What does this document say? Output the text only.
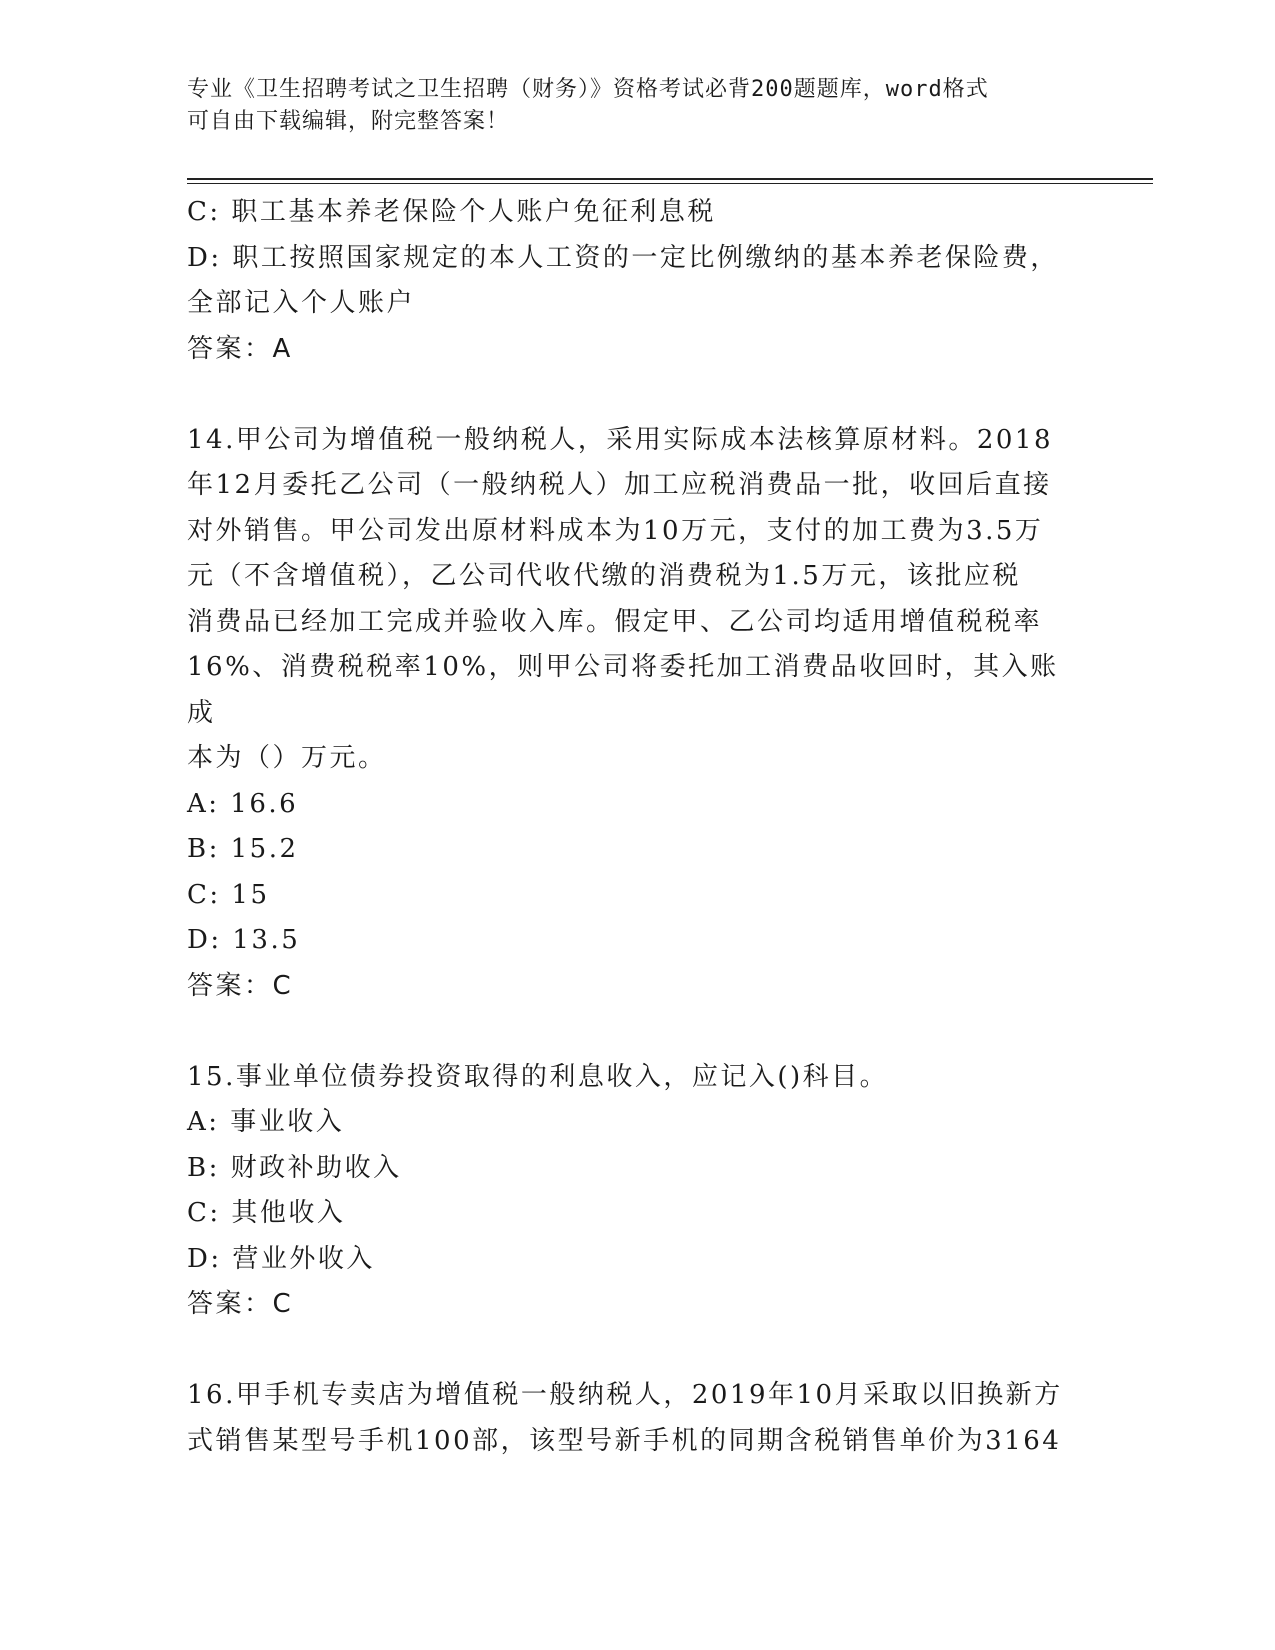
专业《卫生招聘考试之卫生招聘（财务）》资格考试必背200题题库，word格式
可自由下载编辑，附完整答案！

C: 职工基本养老保险个人账户免征利息税

D: 职工按照国家规定的本人工资的一定比例缴纳的基本养老保险费，

全部记入个人账户

答案：A

14.甲公司为增值税一般纳税人，采用实际成本法核算原材料。2018

年12月委托乙公司（一般纳税人）加工应税消费品一批，收回后直接

对外销售。甲公司发出原材料成本为10万元，支付的加工费为3.5万

元（不含增值税），乙公司代收代缴的消费税为1.5万元，该批应税

消费品已经加工完成并验收入库。假定甲、乙公司均适用增值税税率

16%、消费税税率10%，则甲公司将委托加工消费品收回时，其入账成

本为（）万元。

A: 16.6

B: 15.2

C: 15

D: 13.5

答案：C

15.事业单位债券投资取得的利息收入，应记入()科目。

A: 事业收入

B: 财政补助收入

C: 其他收入

D: 营业外收入

答案：C

16.甲手机专卖店为增值税一般纳税人，2019年10月采取以旧换新方

式销售某型号手机100部，该型号新手机的同期含税销售单价为3164
